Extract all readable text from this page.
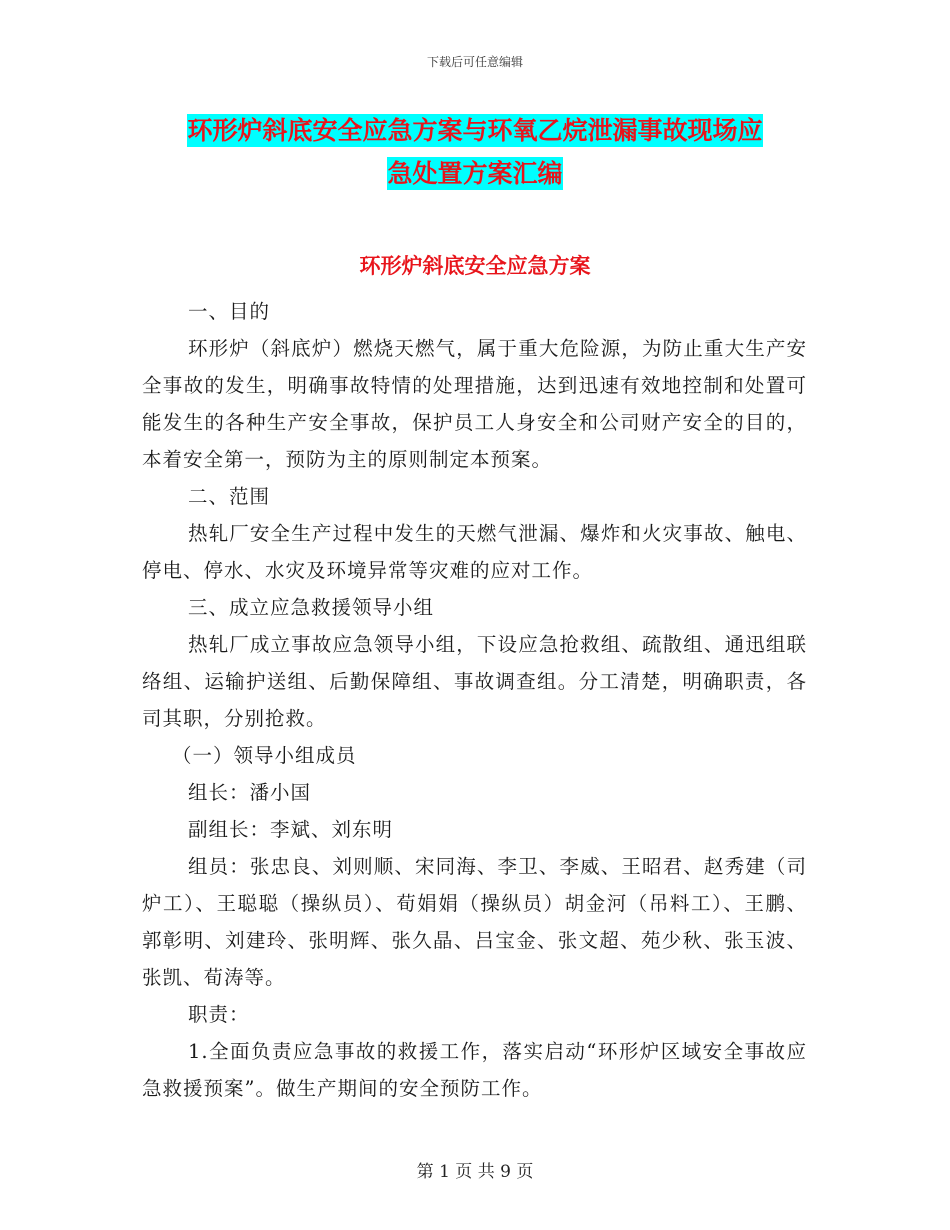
下载后可任意编辑
环形炉斜底安全应急方案与环氧乙烷泄漏事故现场应
急处置方案汇编
环形炉斜底安全应急方案

一、目的

环形炉（斜底炉）燃烧天燃气，属于重大危险源，为防止重大生产安全事故的发生，明确事故特情的处理措施，达到迅速有效地控制和处置可能发生的各种生产安全事故，保护员工人身安全和公司财产安全的目的，本着安全第一，预防为主的原则制定本预案。

二、范围

热轧厂安全生产过程中发生的天燃气泄漏、爆炸和火灾事故、触电、停电、停水、水灾及环境异常等灾难的应对工作。

三、成立应急救援领导小组

热轧厂成立事故应急领导小组，下设应急抢救组、疏散组、通迅组联络组、运输护送组、后勤保障组、事故调查组。分工清楚，明确职责，各司其职，分别抢救。

（一）领导小组成员

组长：潘小国

副组长：李斌、刘东明

组员：张忠良、刘则顺、宋同海、李卫、李威、王昭君、赵秀建（司炉工）、王聪聪（操纵员）、荀娟娟（操纵员）胡金河（吊料工）、王鹏、郭彰明、刘建玲、张明辉、张久晶、吕宝金、张文超、苑少秋、张玉波、张凯、荀涛等。

职责：

1.全面负责应急事故的救援工作，落实启动“环形炉区域安全事故应急救援预案”。做生产期间的安全预防工作。

第 1 页 共 9 页
